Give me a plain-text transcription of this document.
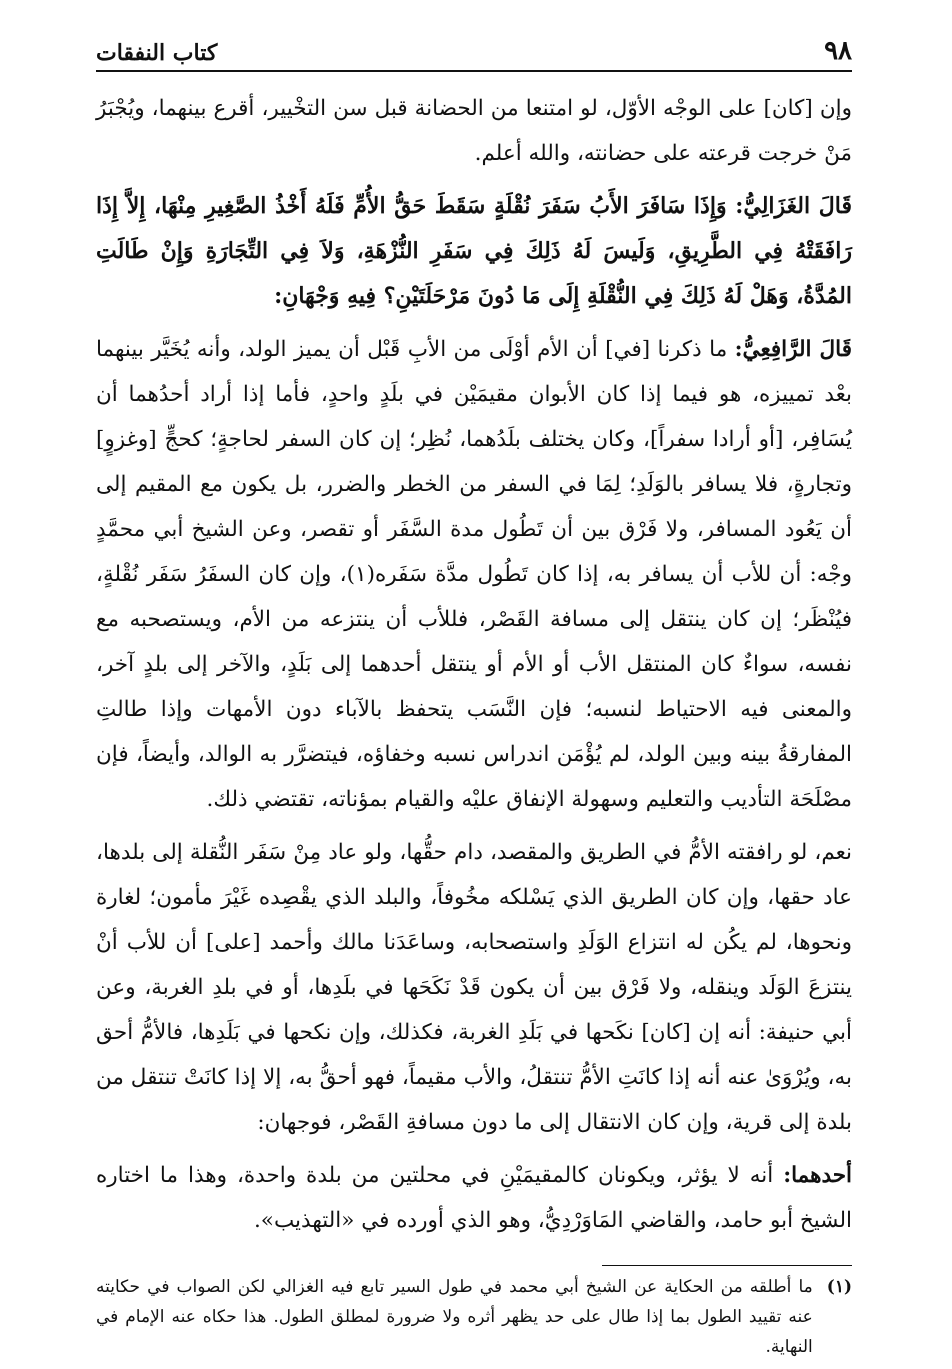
٩٨
كتاب النفقات

وإن [كان] على الوجْه الأوّل، لو امتنعا من الحضانة قبل سن التخْيير، أقرع بينهما، ويُجْبَرُ مَنْ خرجت قرعته على حضانته، والله أعلم.

قَالَ الغَزَالِيُّ: وَإِذَا سَافَرَ الأَبُ سَفَرَ نُقْلَةٍ سَقَطَ حَقُّ الأُمِّ فَلَهُ أَخْذُ الصَّغِيرِ مِنْهَا، إِلاَّ إِذَا رَافَقَتْهُ فِي الطَّرِيقِ، وَلَيسَ لَهُ ذَلِكَ فِي سَفَرِ النُّزْهَةِ، وَلاَ فِي التِّجَارَةِ وَإِنْ طَالَتِ المُدَّةُ، وَهَلْ لَهُ ذَلِكَ فِي النُّقْلَةِ إِلَى مَا دُونَ مَرْحَلَتَيْنِ؟ فِيهِ وَجْهَانِ:

قَالَ الرَّافِعِيُّ: ما ذكرنا [في] أن الأم أوْلَى من الأبِ قَبْل أن يميز الولد، وأنه يُخَيَّر بينهما بعْد تمييزه، هو فيما إذا كان الأبوان مقيمَيْن في بلَدٍ واحدٍ، فأما إذا أراد أحدُهما أن يُسَافِر، [أو أرادا سفراً]، وكان يختلف بلَدُهما، نُظِر؛ إن كان السفر لحاجةٍ؛ كحجٍّ [وغزوٍ] وتجارةٍ، فلا يسافر بالوَلَدِ؛ لِمَا في السفر من الخطر والضرر، بل يكون مع المقيم إلى أن يَعُود المسافر، ولا فَرْق بين أن تَطُول مدة السَّفَر أو تقصر، وعن الشيخ أبي محمَّدٍ وجْه: أن للأب أن يسافر به، إذا كان تَطُول مدَّة سَفَره(١)، وإن كان السفَرُ سَفَر نُقْلةٍ، فيُنْظَر؛ إن كان ينتقل إلى مسافة القَصْر، فللأب أن ينتزعه من الأم، ويستصحبه مع نفسه، سواءٌ كان المنتقل الأب أو الأم أو ينتقل أحدهما إلى بَلَدٍ، والآخر إلى بلدٍ آخر، والمعنى فيه الاحتياط لنسبه؛ فإن النَّسَب يتحفظ بالآباء دون الأمهات وإذا طالتِ المفارقةُ بينه وبين الولد، لم يُؤْمَن اندراس نسبه وخفاؤه، فيتضرَّر به الوالد، وأيضاً، فإن مصْلَحَة التأديب والتعليم وسهولة الإنفاق عليْه والقيام بمؤناته، تقتضي ذلك.

نعم، لو رافقته الأمُّ في الطريق والمقصد، دام حقُّها، ولو عاد مِنْ سَفَر النُّقلة إلى بلدها، عاد حقها، وإن كان الطريق الذي يَسْلكه مخُوفاً، والبلد الذي يقْصِده غَيْرَ مأمون؛ لغارة ونحوها، لم يكُن له انتزاع الوَلَدِ واستصحابه، وساعَدَنا مالك وأحمد [على] أن للأب أنْ ينتزعَ الوَلَد وينقله، ولا فَرْق بين أن يكون قَدْ نَكَحَها في بلَدِها، أو في بلدِ الغربة، وعن أبي حنيفة: أنه إن [كان] نكَحها في بَلَدِ الغربة، فكذلك، وإن نكحها في بَلَدِها، فالأمُّ أحق به، ويُرْوَىٰ عنه أنه إذا كانَتِ الأمُّ تنتقلُ، والأب مقيماً، فهو أحقُّ به، إلا إذا كانَتْ تنتقل من بلدة إلى قرية، وإن كان الانتقال إلى ما دون مسافةِ القَصْر، فوجهان:

أحدهما: أنه لا يؤثر، ويكونان كالمقيمَيْنِ في محلتين من بلدة واحدة، وهذا ما اختاره الشيخ أبو حامد، والقاضي المَاوَرْدِيُّ، وهو الذي أورده في «التهذيب».

(١)
ما أطلقه من الحكاية عن الشيخ أبي محمد في طول السير تابع فيه الغزالي لكن الصواب في حكايته عنه تقييد الطول بما إذا طال على حد يظهر أثره ولا ضرورة لمطلق الطول. هذا حكاه عنه الإمام في النهاية.
